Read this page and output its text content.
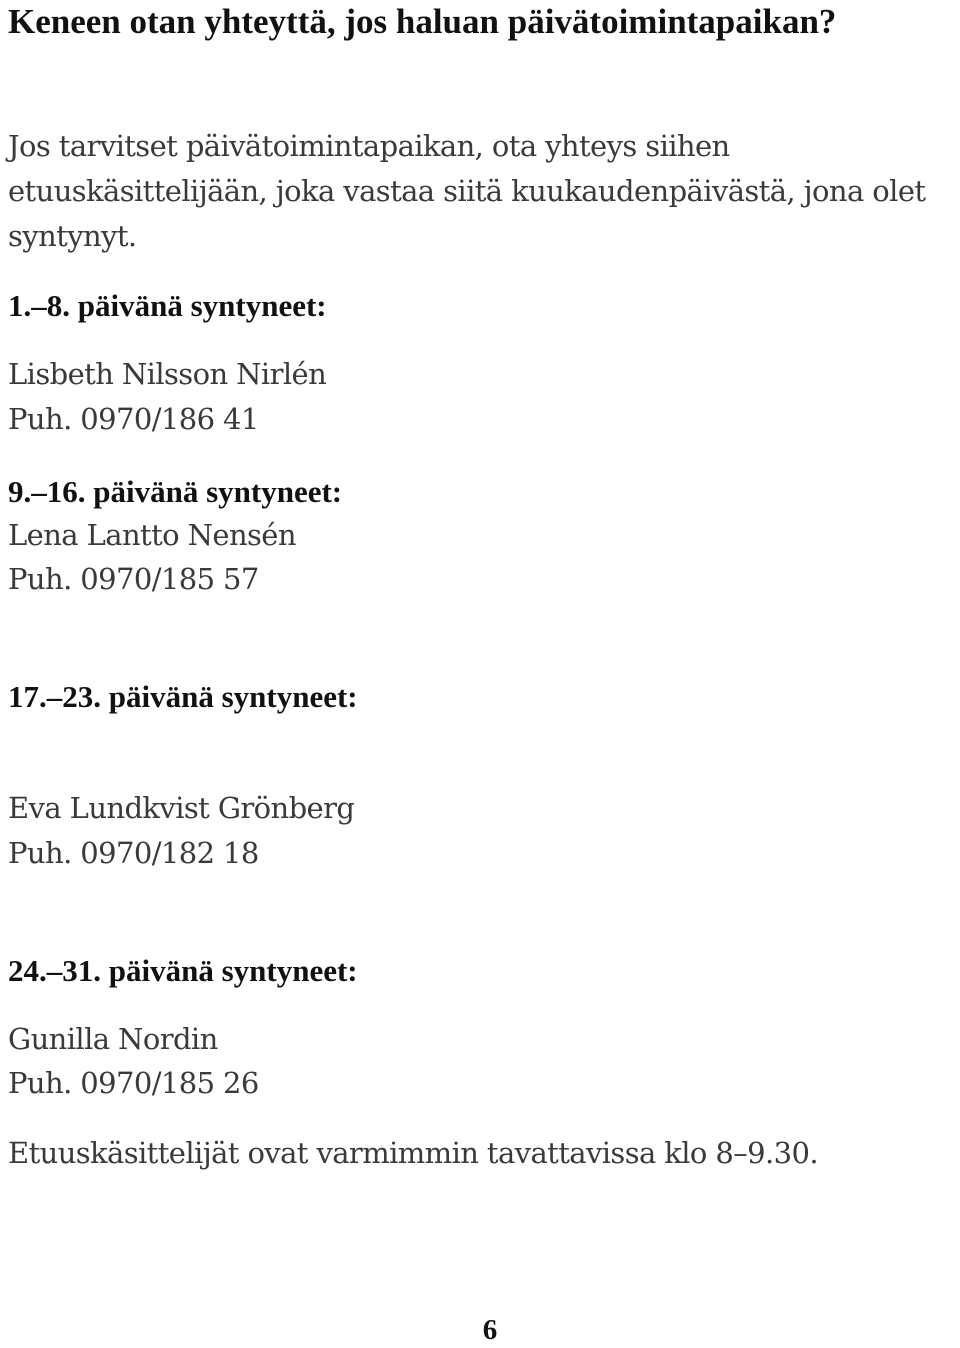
Keneen otan yhteyttä, jos haluan päivätoimintapaikan?

Jos tarvitset päivätoimintapaikan, ota yhteys siihen etuuskäsittelijään, joka vastaa siitä kuukaudenpäivästä, jona olet syntynyt.

1.–8. päivänä syntyneet:

Lisbeth Nilsson Nirlén

Puh. 0970/186 41

9.–16. päivänä syntyneet:

Lena Lantto Nensén

Puh. 0970/185 57

17.–23. päivänä syntyneet:

Eva Lundkvist Grönberg

Puh. 0970/182 18

24.–31. päivänä syntyneet:

Gunilla Nordin

Puh. 0970/185 26

Etuuskäsittelijät ovat varmimmin tavattavissa klo 8–9.30.

6
